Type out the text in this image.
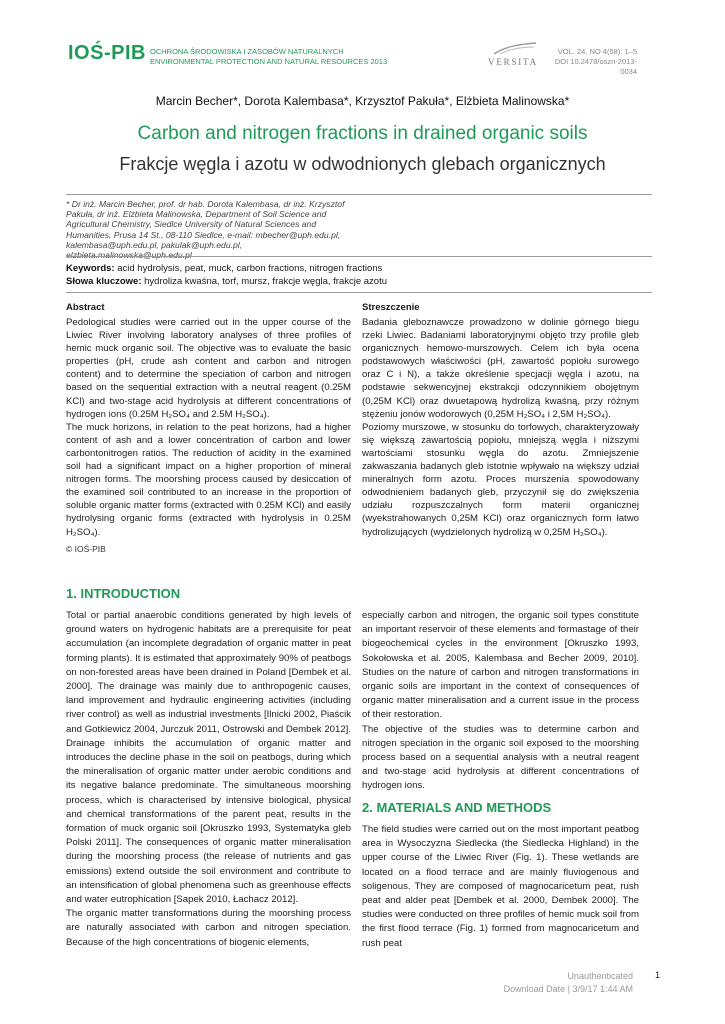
IOŚ-PIB OCHRONA ŚRODOWISKA I ZASOBÓW NATURALNYCH
ENVIRONMENTAL PROTECTION AND NATURAL RESOURCES 2013	VERSITA
VOL. 24, NO 4(58): 1–5
DOI 10.2478/oszn-2013-0034
Marcin Becher*, Dorota Kalembasa*, Krzysztof Pakuła*, Elżbieta Malinowska*
Carbon and nitrogen fractions in drained organic soils
Frakcje węgla i azotu w odwodnionych glebach organicznych
* Dr inż. Marcin Becher, prof. dr hab. Dorota Kalembasa, dr inż. Krzysztof Pakuła, dr inż. Elżbieta Malinowska, Department of Soil Science and Agricultural Chemistry, Siedlce University of Natural Sciences and Humanities, Prusa 14 St., 08-110 Siedlce, e-mail: mbecher@uph.edu.pl, kalembasa@uph.edu.pl, pakulak@uph.edu.pl, elzbieta.malinowska@uph.edu.pl
Keywords: acid hydrolysis, peat, muck, carbon fractions, nitrogen fractions
Słowa kluczowe: hydroliza kwaśna, torf, mursz, frakcje węgla, frakcje azotu
Abstract

Pedological studies were carried out in the upper course of the Liwiec River involving laboratory analyses of three profiles of hemic muck organic soil. The objective was to evaluate the basic properties (pH, crude ash content and carbon and nitrogen content) and to determine the speciation of carbon and nitrogen based on the sequential extraction with a neutral reagent (0.25M KCl) and two-stage acid hydrolysis at different concentrations of hydrogen ions (0.25M H₂SO₄ and 2.5M H₂SO₄).

The muck horizons, in relation to the peat horizons, had a higher content of ash and a lower concentration of carbon and lower carbontonitrogen ratios. The reduction of acidity in the examined soil had a significant impact on a higher proportion of mineral nitrogen forms. The moorshing process caused by desiccation of the examined soil contributed to an increase in the proportion of soluble organic matter forms (extracted with 0.25M KCl) and easily hydrolysing organic forms (extracted with hydrolysis in 0.25M H₂SO₄).

Streszczenie

Badania gleboznawcze prowadzono w dolinie górnego biegu rzeki Liwiec. Badaniami laboratoryjnymi objęto trzy profile gleb organicznych hemowo-murszowych. Celem ich była ocena podstawowych właściwości (pH, zawartość popiołu surowego oraz C i N), a także określenie specjacji węgla i azotu, na podstawie sekwencyjnej ekstrakcji odczynnikiem obojętnym (0,25M KCl) oraz dwuetapową hydrolizą kwaśną, przy różnym stężeniu jonów wodorowych (0,25M H₂SO₄ i 2,5M H₂SO₄).

Poziomy murszowe, w stosunku do torfowych, charakteryzowały się większą zawartością popiołu, mniejszą węgla i niższymi wartościami stosunku węgla do azotu. Zmniejszenie zakwaszania badanych gleb istotnie wpływało na większy udział mineralnych form azotu. Proces murszenia spowodowany odwodnieniem badanych gleb, przyczynił się do zwiększenia udziału rozpuszczalnych form materii organicznej (wyekstrahowanych 0,25M KCl) oraz organicznych form łatwo hydrolizujących (wydzielonych hydrolizą w 0,25M H₂SO₄).

© IOŚ-PIB
1. INTRODUCTION

Total or partial anaerobic conditions generated by high levels of ground waters on hydrogenic habitats are a prerequisite for peat accumulation (an incomplete degradation of organic matter in peat forming plants). It is estimated that approximately 90% of peatbogs on non-forested areas have been drained in Poland [Dembek et al. 2000]. The drainage was mainly due to anthropogenic causes, land improvement and hydraulic engineering activities (including river control) as well as industrial investments [Ilnicki 2002, Piaścik and Gotkiewicz 2004, Jurczuk 2011, Ostrowski and Dembek 2012]. Drainage inhibits the accumulation of organic matter and introduces the decline phase in the soil on peatbogs, during which the mineralisation of organic matter under aerobic conditions and its negative balance predominate. The simultaneous moorshing process, which is characterised by intensive biological, physical and chemical transformations of the parent peat, results in the formation of muck organic soil [Okruszko 1993, Systematyka gleb Polski 2011]. The consequences of organic matter mineralisation during the moorshing process (the release of nutrients and gas emissions) extend outside the soil environment and contribute to an intensification of global phenomena such as greenhouse effects and water eutrophication [Sapek 2010, Łachacz 2012].

The organic matter transformations during the moorshing process are naturally associated with carbon and nitrogen speciation. Because of the high concentrations of biogenic elements,

especially carbon and nitrogen, the organic soil types constitute an important reservoir of these elements and formastage of their biogeochemical cycles in the environment [Okruszko 1993, Sokołowska et al. 2005, Kalembasa and Becher 2009, 2010]. Studies on the nature of carbon and nitrogen transformations in organic soils are important in the context of consequences of organic matter mineralisation and a current issue in the process of their restoration.

The objective of the studies was to determine carbon and nitrogen speciation in the organic soil exposed to the moorshing process based on a sequential analysis with a neutral reagent and two-stage acid hydrolysis at different concentrations of hydrogen ions.

2. MATERIALS AND METHODS

The field studies were carried out on the most important peatbog area in Wysoczyzna Siedlecka (the Siedlecka Highland) in the upper course of the Liwiec River (Fig. 1). These wetlands are located on a flood terrace and are mainly fluviogenous and soligenous. They are composed of magnocaricetum peat, rush peat and alder peat [Dembek et al. 2000, Dembek 2000]. The studies were conducted on three profiles of hemic muck soil from the first flood terrace (Fig. 1) formed from magnocaricetum and rush peat

Unauthenticated
Download Date | 3/9/17 1:44 AM
1
